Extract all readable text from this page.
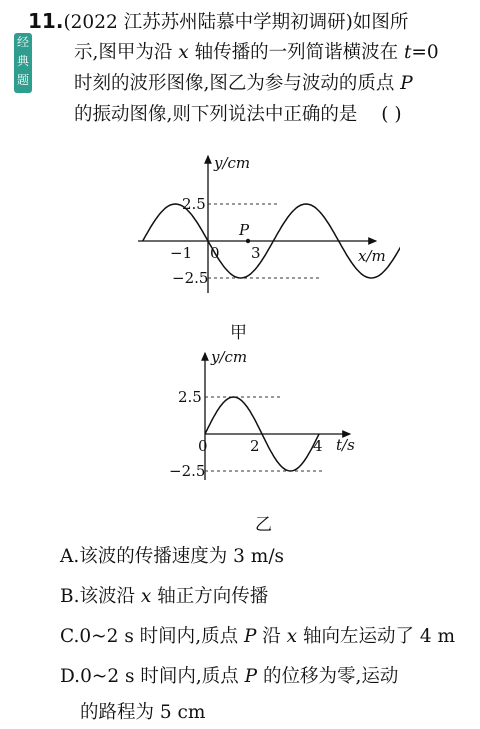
11.(2022 江苏苏州陆慕中学期初调研)如图所
示,图甲为沿 x 轴传播的一列简谐横波在 t=0
时刻的波形图像,图乙为参与波动的质点 P
的振动图像,则下列说法中正确的是 ( )
经典题
y/cm
x/m
2.5
−2.5
−1 0 3
P
甲
y/cm
t/s
2.5
−2.5
0	2	4
乙
A.该波的传播速度为 3 m/s
B.该波沿 x 轴正方向传播
C.0~2 s 时间内,质点 P 沿 x 轴向左运动了 4 m
D.0~2 s 时间内,质点 P 的位移为零,运动
的路程为 5 cm
